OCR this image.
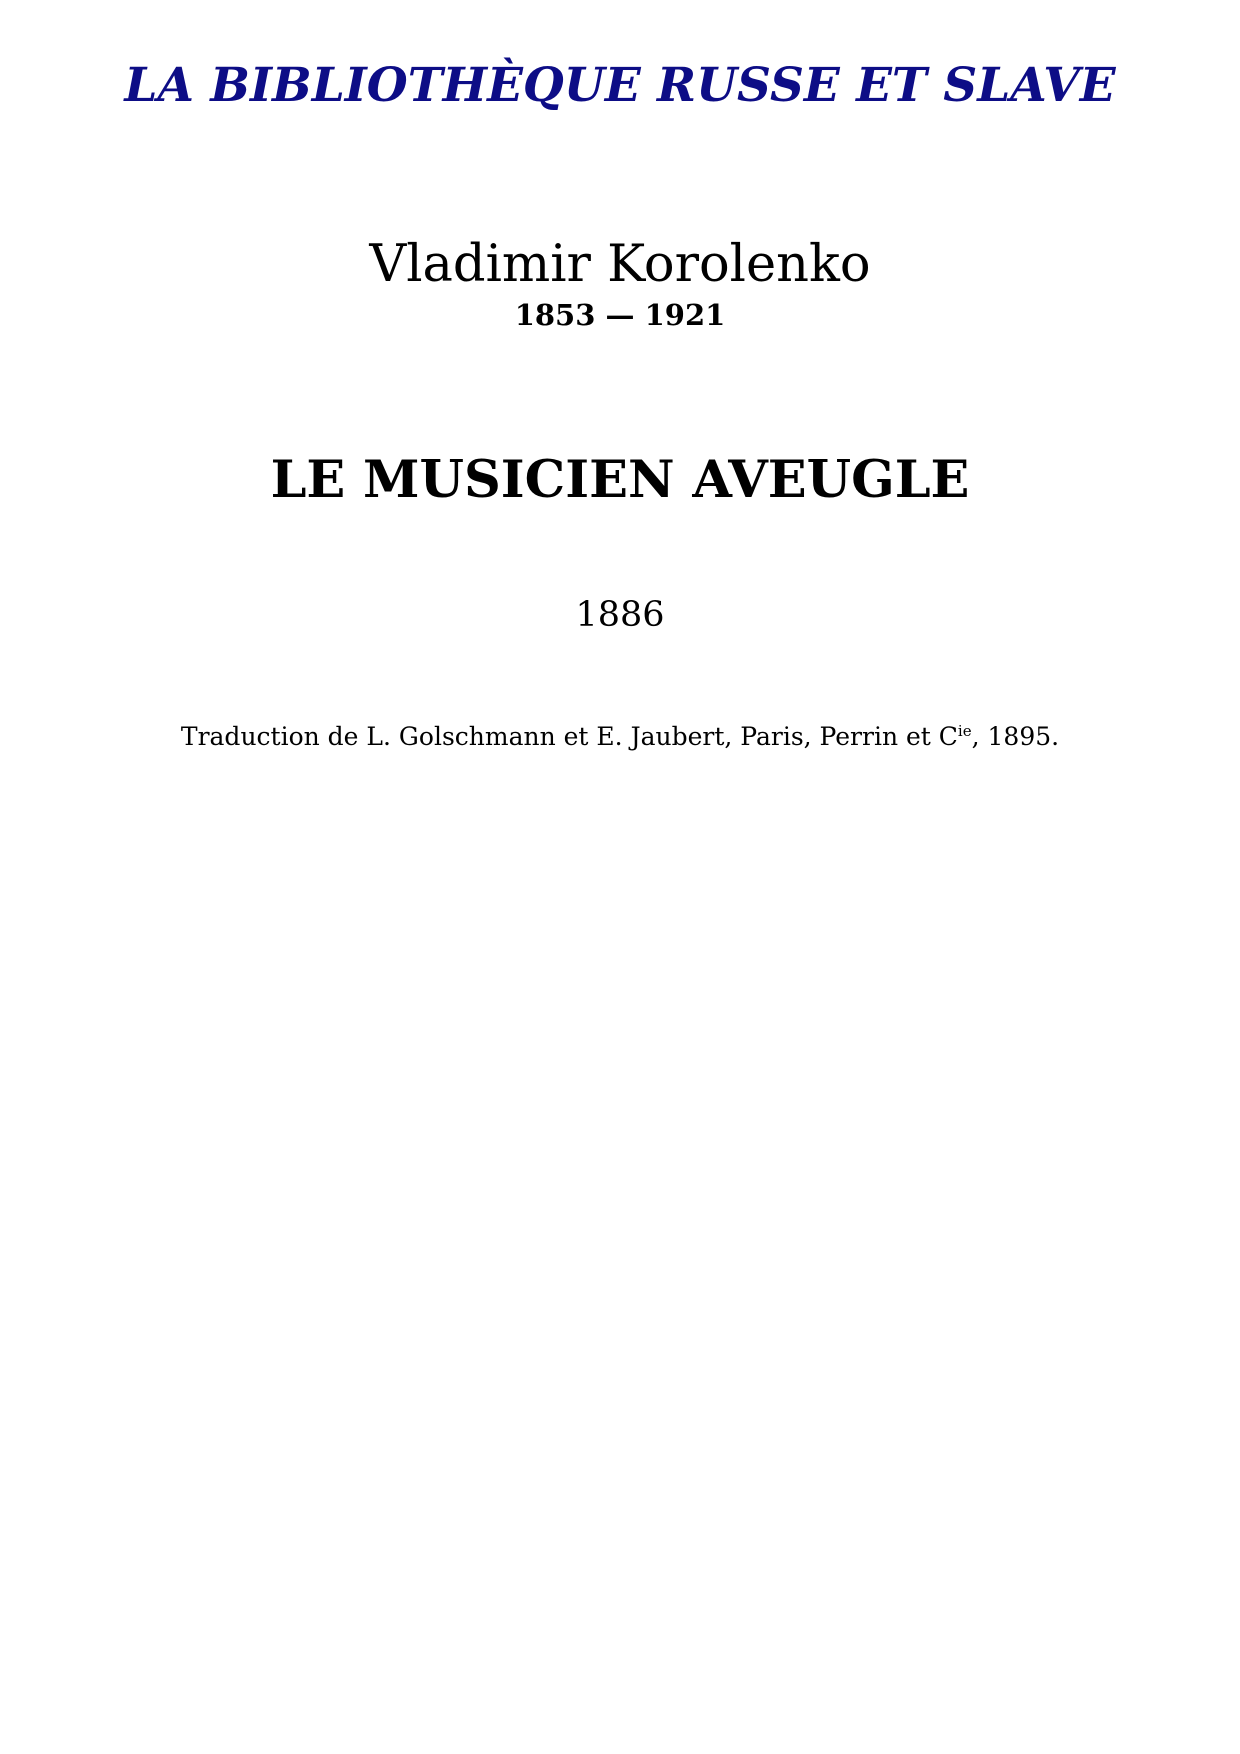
LA BIBLIOTHÈQUE RUSSE ET SLAVE
Vladimir Korolenko
1853 — 1921
LE MUSICIEN AVEUGLE
1886
Traduction de L. Golschmann et E. Jaubert, Paris, Perrin et $C^{ie}$, 1895.
